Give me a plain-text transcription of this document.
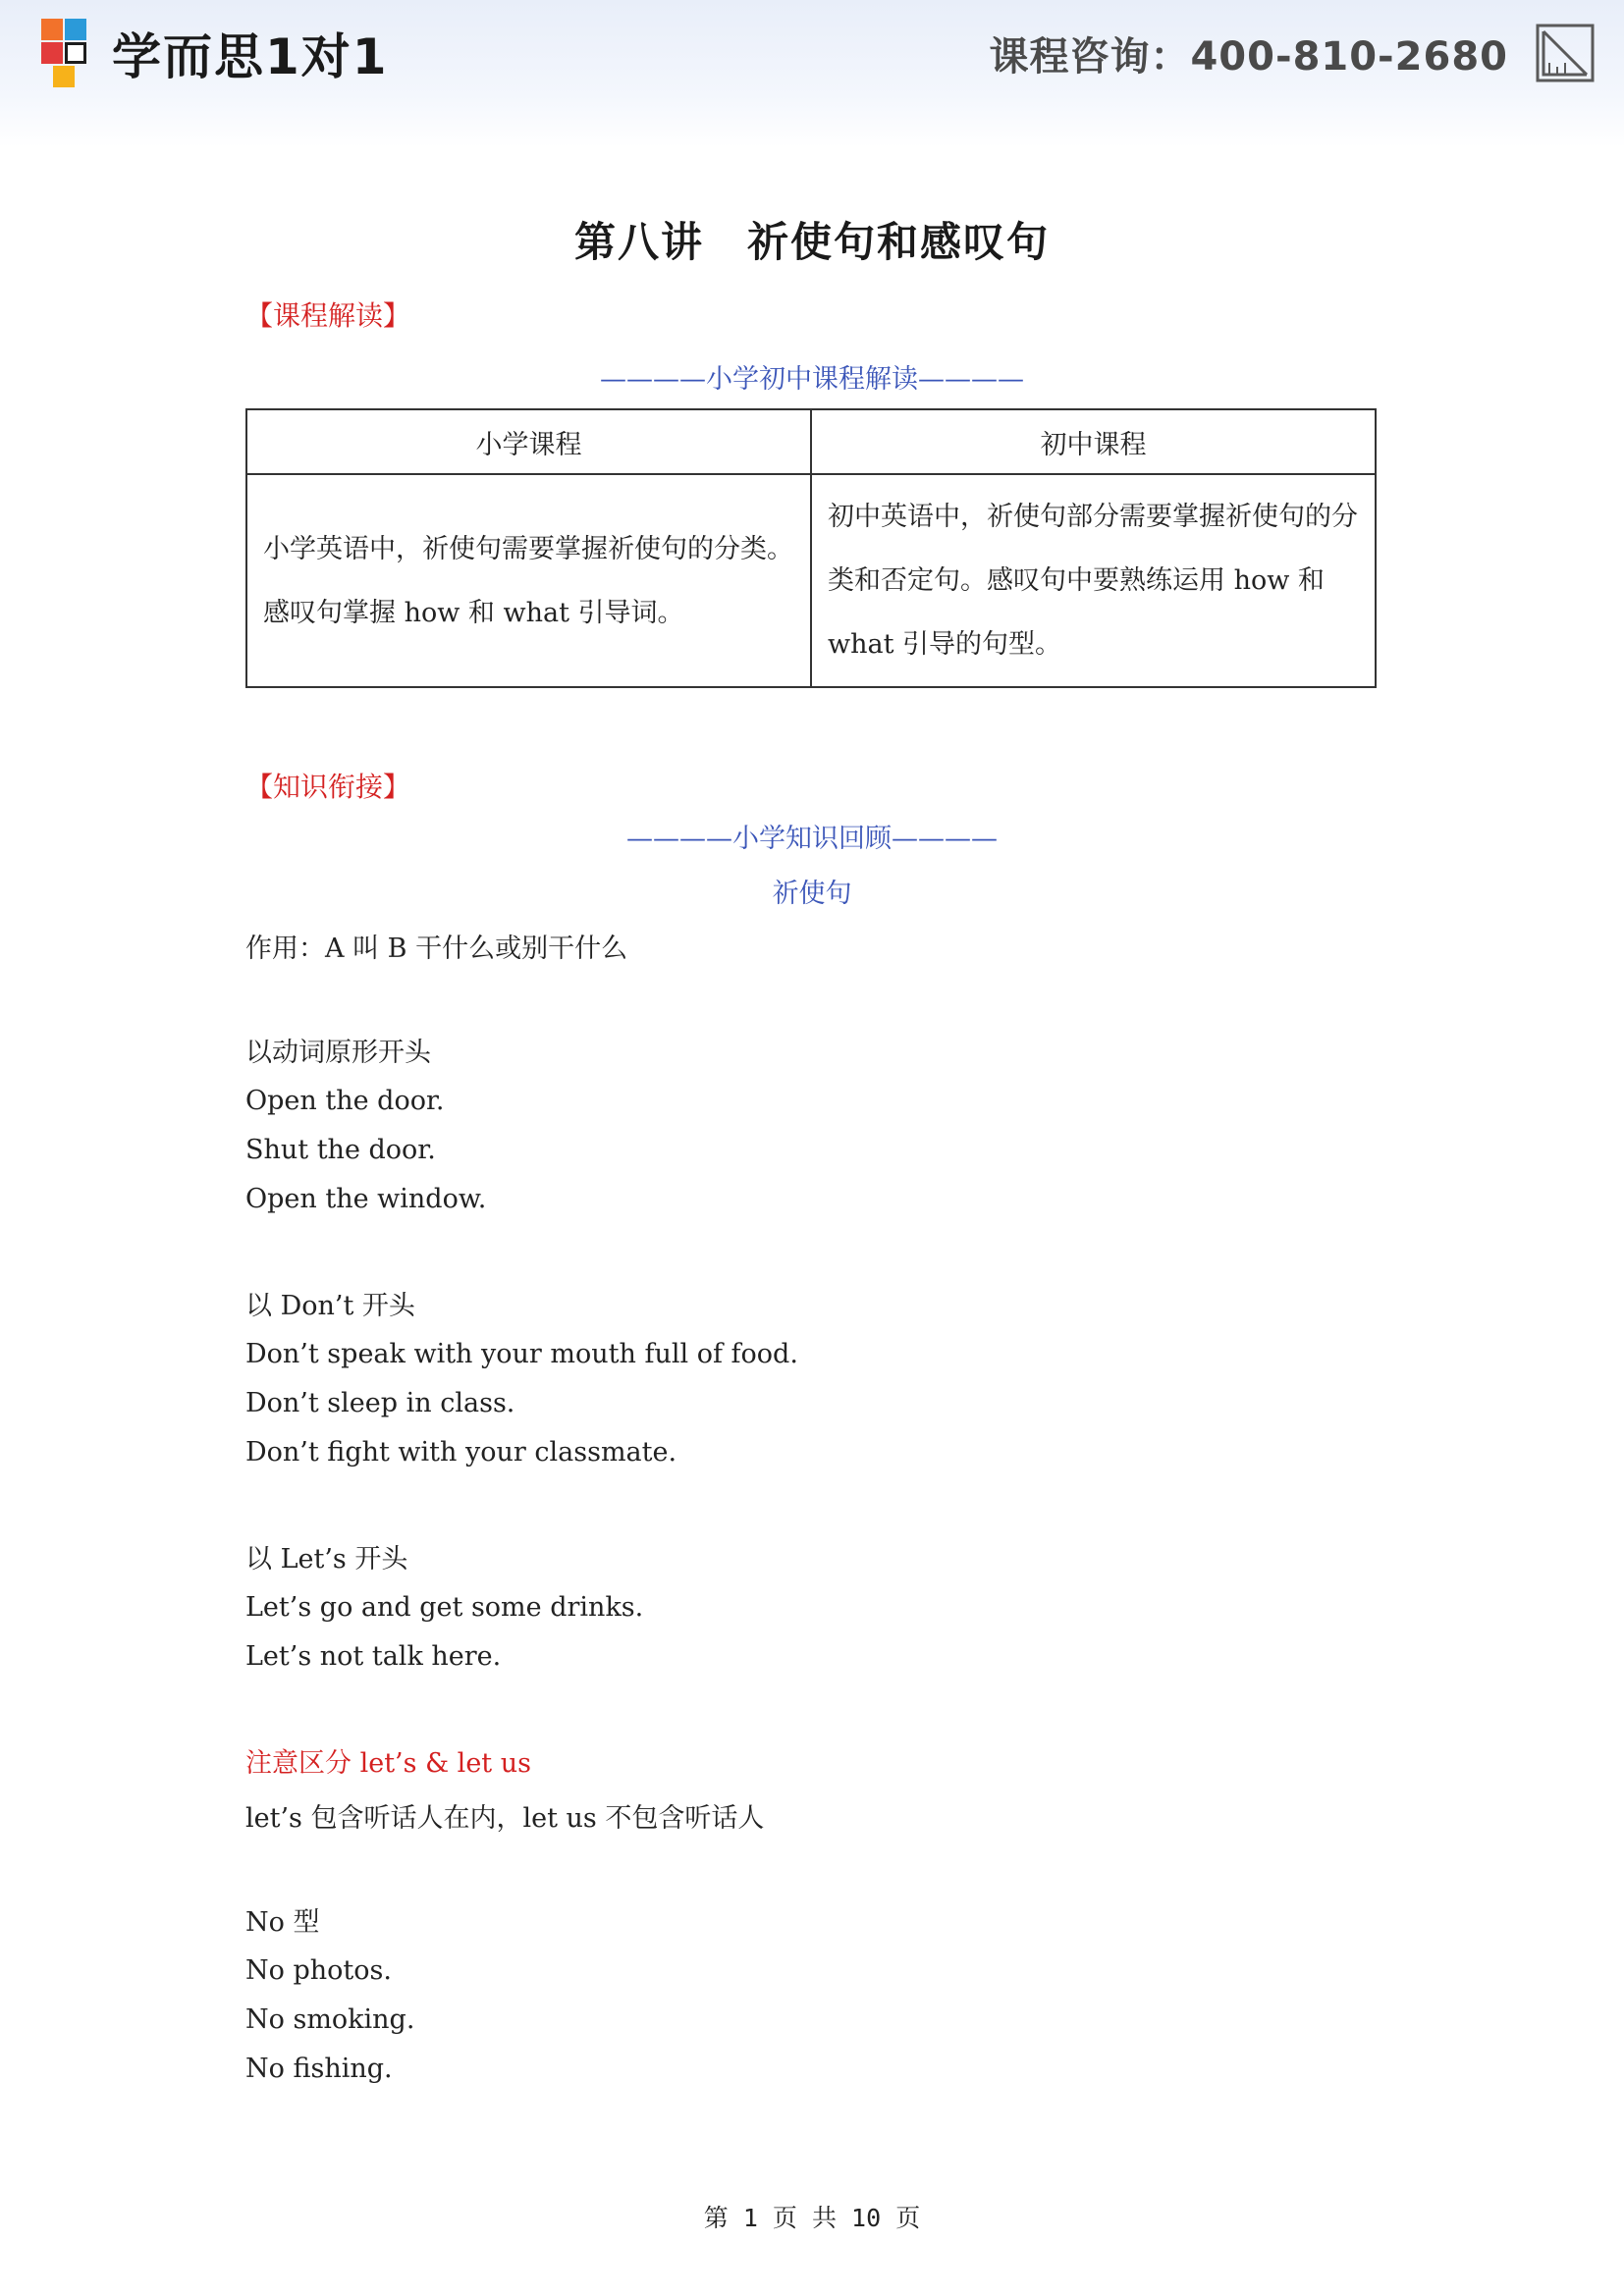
学而思1对1	课程咨询：400-810-2680
第八讲　祈使句和感叹句
【课程解读】
————小学初中课程解读————
小学课程	初中课程
小学英语中，祈使句需要掌握祈使句的分类。感叹句掌握 how 和 what 引导词。	初中英语中，祈使句部分需要掌握祈使句的分类和否定句。感叹句中要熟练运用 how 和 what 引导的句型。
【知识衔接】
————小学知识回顾————
祈使句
作用：A 叫 B 干什么或别干什么
以动词原形开头
Open the door.
Shut the door.
Open the window.
以 Don’t 开头
Don’t speak with your mouth full of food.
Don’t sleep in class.
Don’t fight with your classmate.
以 Let’s 开头
Let’s go and get some drinks.
Let’s not talk here.
注意区分 let’s & let us
let’s 包含听话人在内，let us 不包含听话人
No 型
No photos.
No smoking.
No fishing.
第 1 页 共 10 页
